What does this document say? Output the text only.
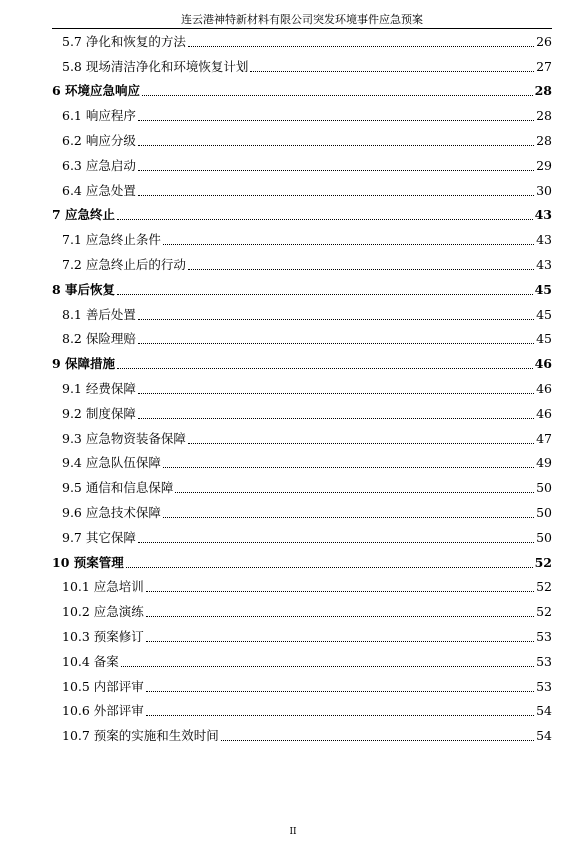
连云港神特新材料有限公司突发环境事件应急预案
5.7 净化和恢复的方法	26
5.8 现场清洁净化和环境恢复计划	27
6 环境应急响应	28
6.1 响应程序	28
6.2 响应分级	28
6.3 应急启动	29
6.4 应急处置	30
7 应急终止	43
7.1 应急终止条件	43
7.2 应急终止后的行动	43
8 事后恢复	45
8.1 善后处置	45
8.2 保险理赔	45
9 保障措施	46
9.1 经费保障	46
9.2 制度保障	46
9.3 应急物资装备保障	47
9.4 应急队伍保障	49
9.5 通信和信息保障	50
9.6 应急技术保障	50
9.7 其它保障	50
10 预案管理	52
10.1 应急培训	52
10.2 应急演练	52
10.3 预案修订	53
10.4 备案	53
10.5 内部评审	53
10.6 外部评审	54
10.7 预案的实施和生效时间	54
II
